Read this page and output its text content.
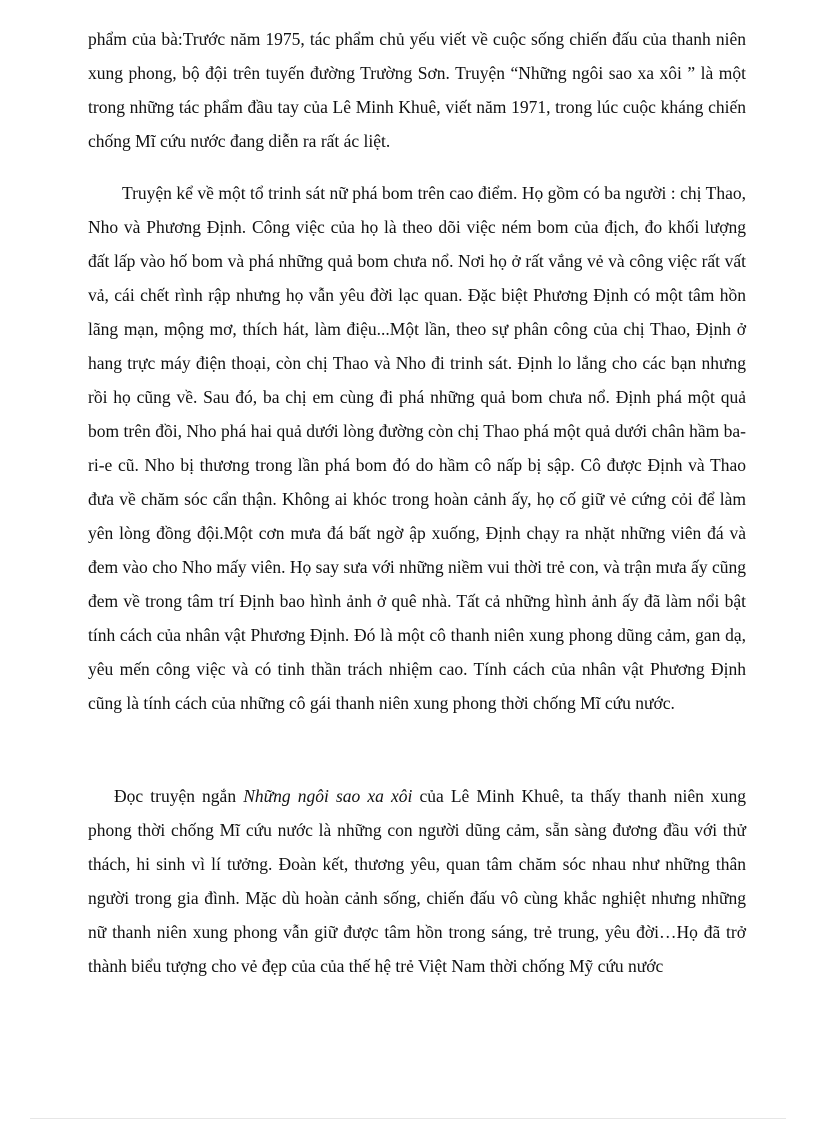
phẩm của bà:Trước năm 1975, tác phẩm chủ yếu viết về cuộc sống chiến đấu của thanh niên xung phong, bộ đội trên tuyến đường Trường Sơn. Truyện “Những ngôi sao xa xôi ” là một trong những tác phẩm đầu tay của Lê Minh Khuê, viết năm 1971, trong lúc cuộc kháng chiến chống Mĩ cứu nước đang diễn ra rất ác liệt.

Truyện kể về một tổ trinh sát nữ phá bom trên cao điểm. Họ gồm có ba người : chị Thao, Nho và Phương Định. Công việc của họ là theo dõi việc ném bom của địch, đo khối lượng đất lấp vào hố bom và phá những quả bom chưa nổ. Nơi họ ở rất vắng vẻ và công việc rất vất vả, cái chết rình rập nhưng họ vẫn yêu đời lạc quan. Đặc biệt Phương Định có một tâm hồn lãng mạn, mộng mơ, thích hát, làm điệu...Một lần, theo sự phân công của chị Thao, Định ở hang trực máy điện thoại, còn chị Thao và Nho đi trinh sát. Định lo lắng cho các bạn nhưng rồi họ cũng về. Sau đó, ba chị em cùng đi phá những quả bom chưa nổ. Định phá một quả bom trên đồi, Nho phá hai quả dưới lòng đường còn chị Thao phá một quả dưới chân hầm ba-ri-e cũ. Nho bị thương trong lần phá bom đó do hầm cô nấp bị sập. Cô được Định và Thao đưa về chăm sóc cẩn thận. Không ai khóc trong hoàn cảnh ấy, họ cố giữ vẻ cứng cỏi để làm yên lòng đồng đội.Một cơn mưa đá bất ngờ ập xuống, Định chạy ra nhặt những viên đá và đem vào cho Nho mấy viên. Họ say sưa với những niềm vui thời trẻ con, và trận mưa ấy cũng đem về trong tâm trí Định bao hình ảnh ở quê nhà. Tất cả những hình ảnh ấy đã làm nổi bật tính cách của nhân vật Phương Định. Đó là một cô thanh niên xung phong dũng cảm, gan dạ, yêu mến công việc và có tinh thần trách nhiệm cao. Tính cách của nhân vật Phương Định cũng là tính cách của những cô gái thanh niên xung phong thời chống Mĩ cứu nước.

Đọc truyện ngắn Những ngôi sao xa xôi của Lê Minh Khuê, ta thấy thanh niên xung phong thời chống Mĩ cứu nước là những con người dũng cảm, sẵn sàng đương đầu với thử thách, hi sinh vì lí tưởng. Đoàn kết, thương yêu, quan tâm chăm sóc nhau như những thân người trong gia đình. Mặc dù hoàn cảnh sống, chiến đấu vô cùng khắc nghiệt nhưng những nữ thanh niên xung phong vẫn giữ được tâm hồn trong sáng, trẻ trung, yêu đời…Họ đã trở thành biểu tượng cho vẻ đẹp của của thế hệ trẻ Việt Nam thời chống Mỹ cứu nước
